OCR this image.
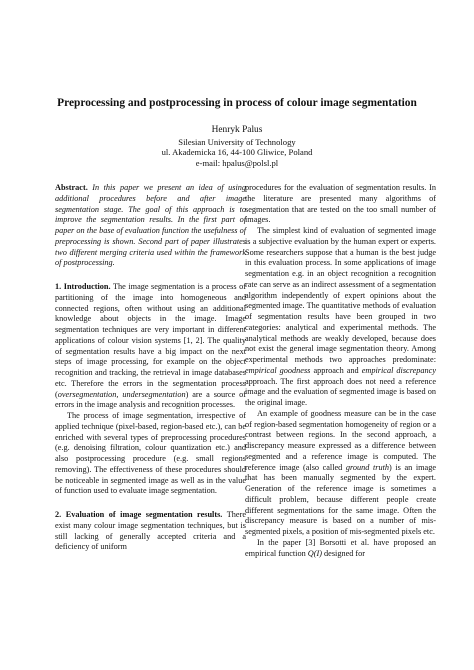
Preprocessing and postprocessing in process of colour image segmentation
Henryk Palus
Silesian University of Technology
ul. Akademicka 16, 44-100 Gliwice, Poland
e-mail: hpalus@polsl.pl

Abstract. In this paper we present an idea of using additional procedures before and after image segmentation stage. The goal of this approach is to improve the segmentation results. In the first part of paper on the base of evaluation function the usefulness of preprocessing is shown. Second part of paper illustrates two different merging criteria used within the framework of postprocessing.

1. Introduction. The image segmentation is a process of partitioning of the image into homogeneous and connected regions, often without using an additional knowledge about objects in the image. Image segmentation techniques are very important in different applications of colour vision systems [1, 2]. The quality of segmentation results have a big impact on the next steps of image processing, for example on the object recognition and tracking, the retrieval in image databases etc. Therefore the errors in the segmentation process (oversegmentation, undersegmentation) are a source of errors in the image analysis and recognition processes.

The process of image segmentation, irrespective of applied technique (pixel-based, region-based etc.), can be enriched with several types of preprocessing procedures (e.g. denoising filtration, colour quantization etc.) and also postprocessing procedure (e.g. small regions removing). The effectiveness of these procedures should be noticeable in segmented image as well as in the value of function used to evaluate image segmentation.

2. Evaluation of image segmentation results. There exist many colour image segmentation techniques, but is still lacking of generally accepted criteria and a deficiency of uniform

procedures for the evaluation of segmentation results. In the literature are presented many algorithms of segmentation that are tested on the too small number of images.

The simplest kind of evaluation of segmented image is a subjective evaluation by the human expert or experts. Some researchers suppose that a human is the best judge in this evaluation process. In some applications of image segmentation e.g. in an object recognition a recognition rate can serve as an indirect assessment of a segmentation algorithm independently of expert opinions about the segmented image. The quantitative methods of evaluation of segmentation results have been grouped in two categories: analytical and experimental methods. The analytical methods are weakly developed, because does not exist the general image segmentation theory. Among experimental methods two approaches predominate: empirical goodness approach and empirical discrepancy approach. The first approach does not need a reference image and the evaluation of segmented image is based on the original image.

An example of goodness measure can be in the case of region-based segmentation homogeneity of region or a contrast between regions. In the second approach, a discrepancy measure expressed as a difference between segmented and a reference image is computed. The reference image (also called ground truth) is an image that has been manually segmented by the expert. Generation of the reference image is sometimes a difficult problem, because different people create different segmentations for the same image. Often the discrepancy measure is based on a number of mis-segmented pixels, a position of mis-segmented pixels etc.

In the paper [3] Borsotti et al. have proposed an empirical function Q(I) designed for
